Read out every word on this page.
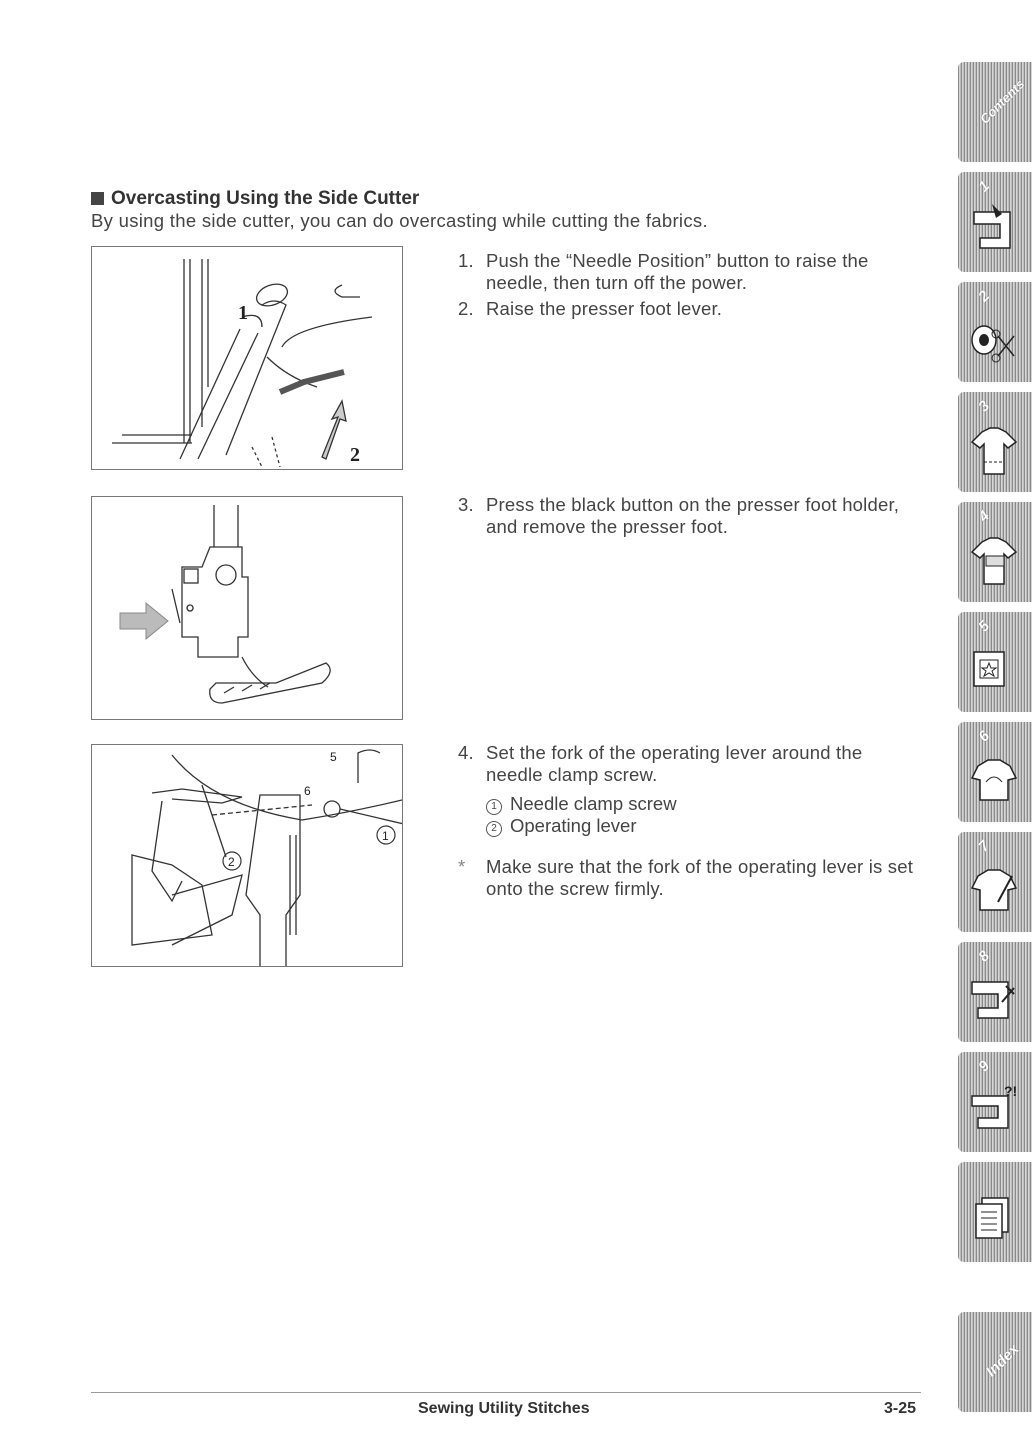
Overcasting Using the Side Cutter
By using the side cutter, you can do overcasting while cutting the fabrics.
1
2
2
1
5
6
1. Push the “Needle Position” button to raise the needle, then turn off the power.
2. Raise the presser foot lever.
3. Press the black button on the presser foot holder, and remove the presser foot.
4. Set the fork of the operating lever around the needle clamp screw.
1 Needle clamp screw
2 Operating lever
* Make sure that the fork of the operating lever is set onto the screw firmly.
Contents
1
2
3
4
5
6
7
8
9
?!
Index
Sewing Utility Stitches	3-25
